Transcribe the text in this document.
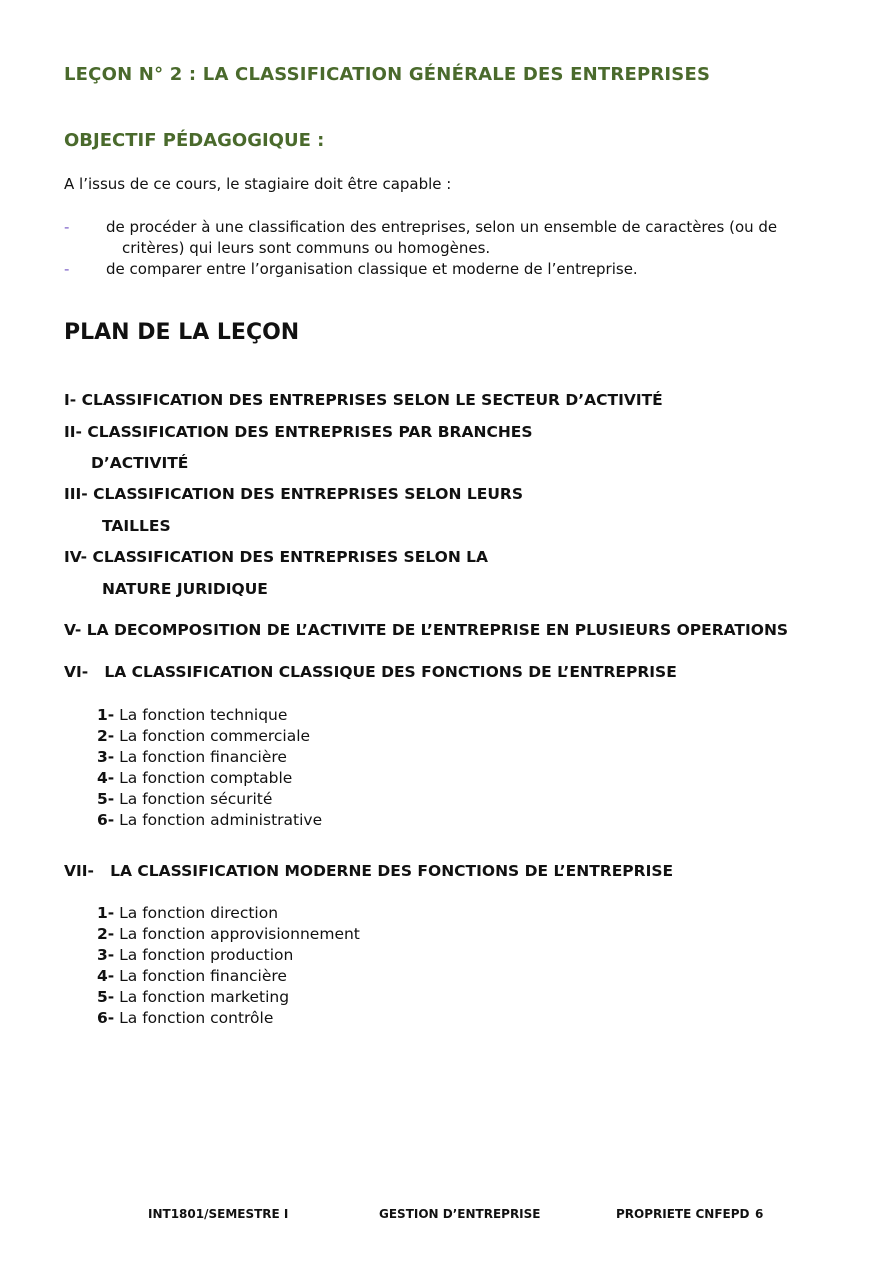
LEÇON N° 2 : LA CLASSIFICATION GÉNÉRALE DES ENTREPRISES
OBJECTIF PÉDAGOGIQUE :
A l’issus de ce cours, le stagiaire doit être capable :
-	de procéder à une classification des entreprises, selon un ensemble de caractères (ou de
critères) qui leurs sont communs ou homogènes.
-	de comparer entre l’organisation classique et moderne de l’entreprise.
PLAN DE LA LEÇON
I- CLASSIFICATION DES ENTREPRISES SELON LE SECTEUR D’ACTIVITÉ
II- CLASSIFICATION DES ENTREPRISES PAR BRANCHES
D’ACTIVITÉ
III- CLASSIFICATION DES ENTREPRISES SELON LEURS
TAILLES
IV- CLASSIFICATION DES ENTREPRISES SELON LA
NATURE JURIDIQUE
V- LA DECOMPOSITION DE L’ACTIVITE DE L’ENTREPRISE EN PLUSIEURS OPERATIONS
VI-   LA CLASSIFICATION CLASSIQUE DES FONCTIONS DE L’ENTREPRISE
1- La fonction technique
2- La fonction commerciale
3- La fonction financière
4- La fonction comptable
5- La fonction sécurité
6- La fonction administrative
VII-   LA CLASSIFICATION MODERNE DES FONCTIONS DE L’ENTREPRISE
1- La fonction direction
2- La fonction approvisionnement
3- La fonction production
4- La fonction financière
5- La fonction marketing
6- La fonction contrôle
INT1801/SEMESTRE I	GESTION D’ENTREPRISE	PROPRIETE CNFEPD 6
